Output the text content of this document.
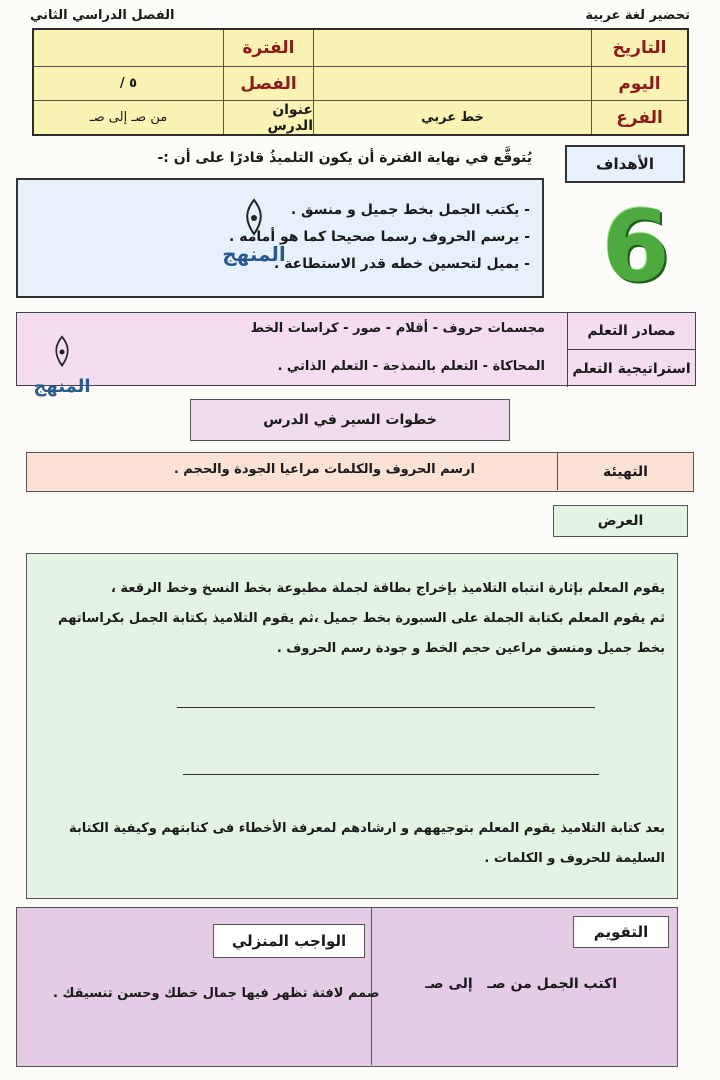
تحضير لغة عربية
الفصل الدراسي الثاني
التاريخ
الفترة
اليوم
الفصل
٥ /
الفرع
خط عربي
عنوان الدرس
من صـ إلى صـ
الأهداف
يُتوقَّع في نهاية الفترة أن يكون التلميذُ قادرًا على أن :-
- يكتب الجمل بخط جميل و منسق .
- يرسم الحروف رسما صحيحا كما هو أمامه .
- يميل لتحسين خطه قدر الاستطاعة .
المنهج	6
مصادر التعلم
مجسمات حروف - أقلام - صور - كراسات الخط
استراتيجية التعلم
المحاكاة - التعلم بالنمذجة - التعلم الذاتي .
المنهج
خطوات السير في الدرس
التهيئة
ارسم الحروف والكلمات مراعيا الجودة والحجم .
العرض
يقوم المعلم بإثارة انتباه التلاميذ بإخراج بطاقة لجملة مطبوعة بخط النسخ وخط الرقعة ،
ثم يقوم المعلم بكتابة الجملة على السبورة بخط جميل ،ثم يقوم التلاميذ بكتابة الجمل بكراساتهم
بخط جميل ومنسق مراعين حجم الخط و جودة رسم الحروف .
بعد كتابة التلاميذ يقوم المعلم بتوجيههم و ارشادهم لمعرفة الأخطاء فى كتابتهم وكيفية الكتابة
السليمة للحروف و الكلمات .
التقويم
اكتب الجمل من صـ   إلى صـ
الواجب المنزلي
صمم لافتة تظهر فيها جمال خطك وحسن تنسيقك .
